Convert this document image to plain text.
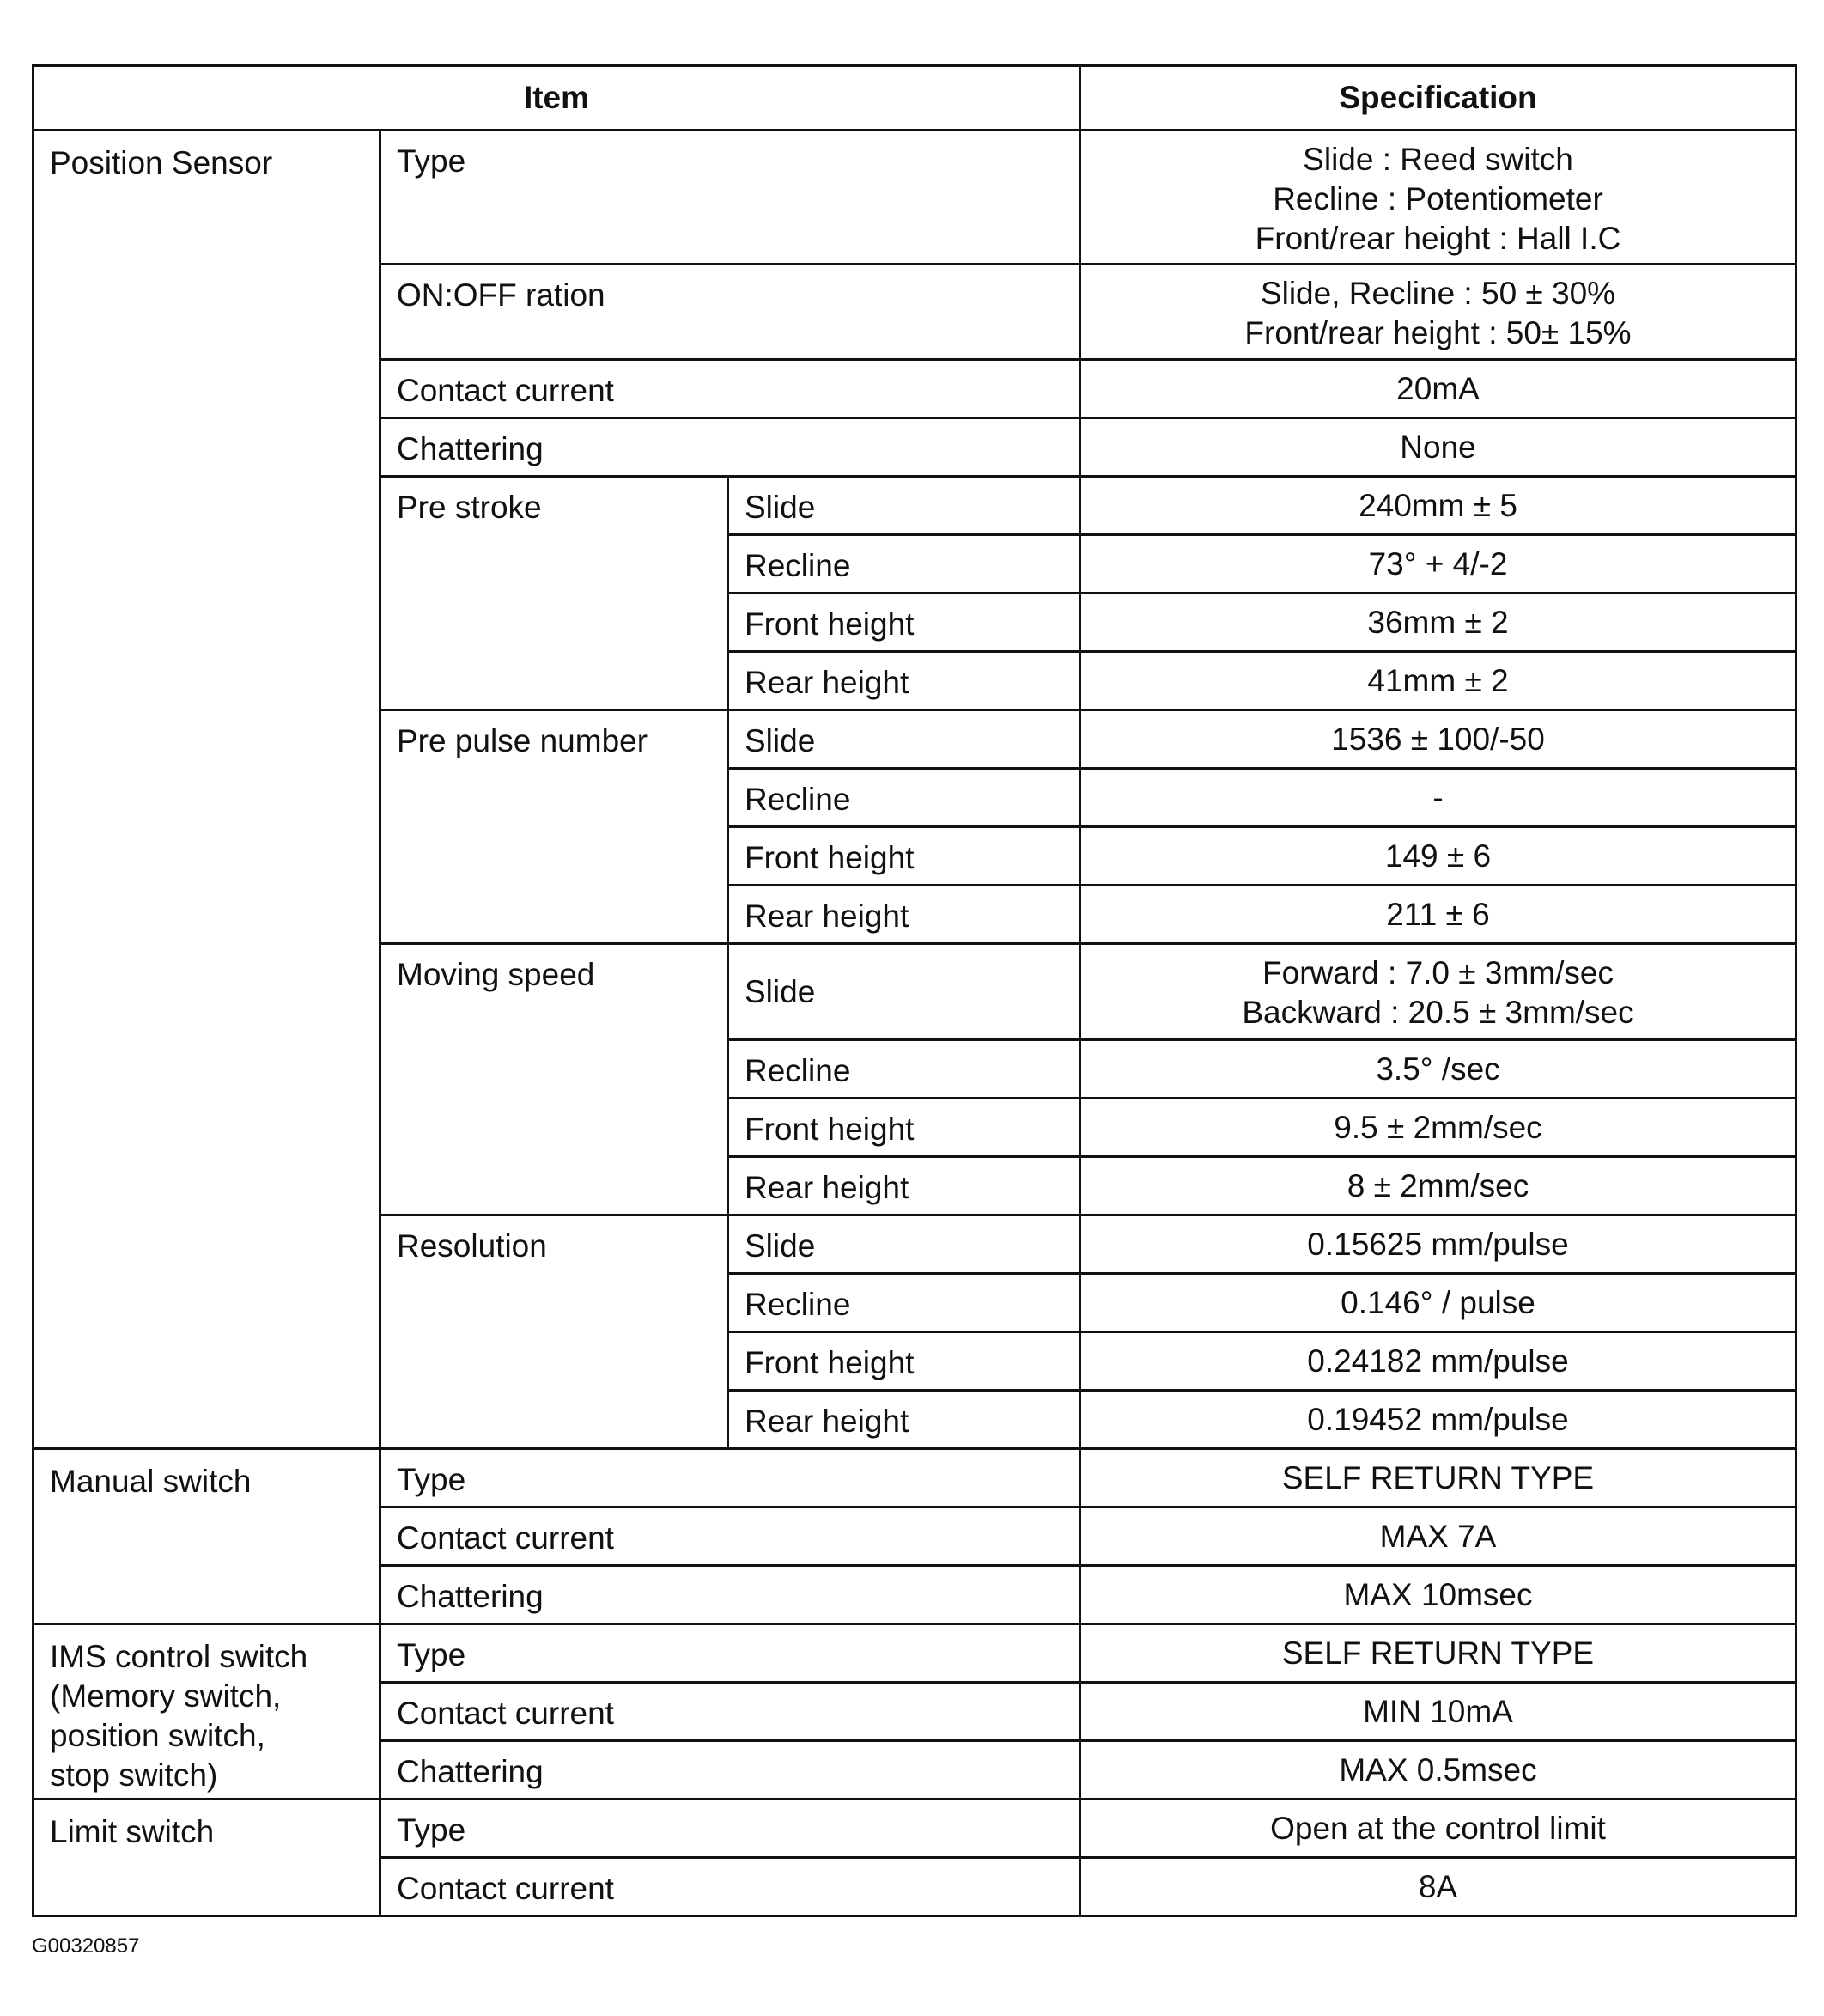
Item			Specification
Position Sensor	Type		Slide : Reed switch
Recline : Potentiometer
Front/rear height : Hall I.C

	ON:OFF ration		Slide, Recline : 50 ± 30%
Front/rear height : 50± 15%

	Contact current		20mA
	Chattering		None
	Pre stroke	Slide	240mm ± 5
		Recline	73° + 4/-2
		Front height	36mm ± 2
		Rear height	41mm ± 2
	Pre pulse number	Slide	1536 ± 100/-50
		Recline	-
		Front height	149 ± 6
		Rear height	211 ± 6
	Moving speed	Slide	Forward : 7.0 ± 3mm/sec
Backward : 20.5 ± 3mm/sec

		Recline	3.5° /sec
		Front height	9.5 ± 2mm/sec
		Rear height	8 ± 2mm/sec
	Resolution	Slide	0.15625 mm/pulse
		Recline	0.146° / pulse
		Front height	0.24182 mm/pulse
		Rear height	0.19452 mm/pulse
Manual switch	Type		SELF RETURN TYPE
	Contact current		MAX 7A
	Chattering		MAX 10msec

IMS control switch
(Memory switch,
position switch,
stop switch)	Type		SELF RETURN TYPE
	Contact current		MIN 10mA
	Chattering		MAX 0.5msec
Limit switch	Type		Open at the control limit
	Contact current		8A
G00320857
